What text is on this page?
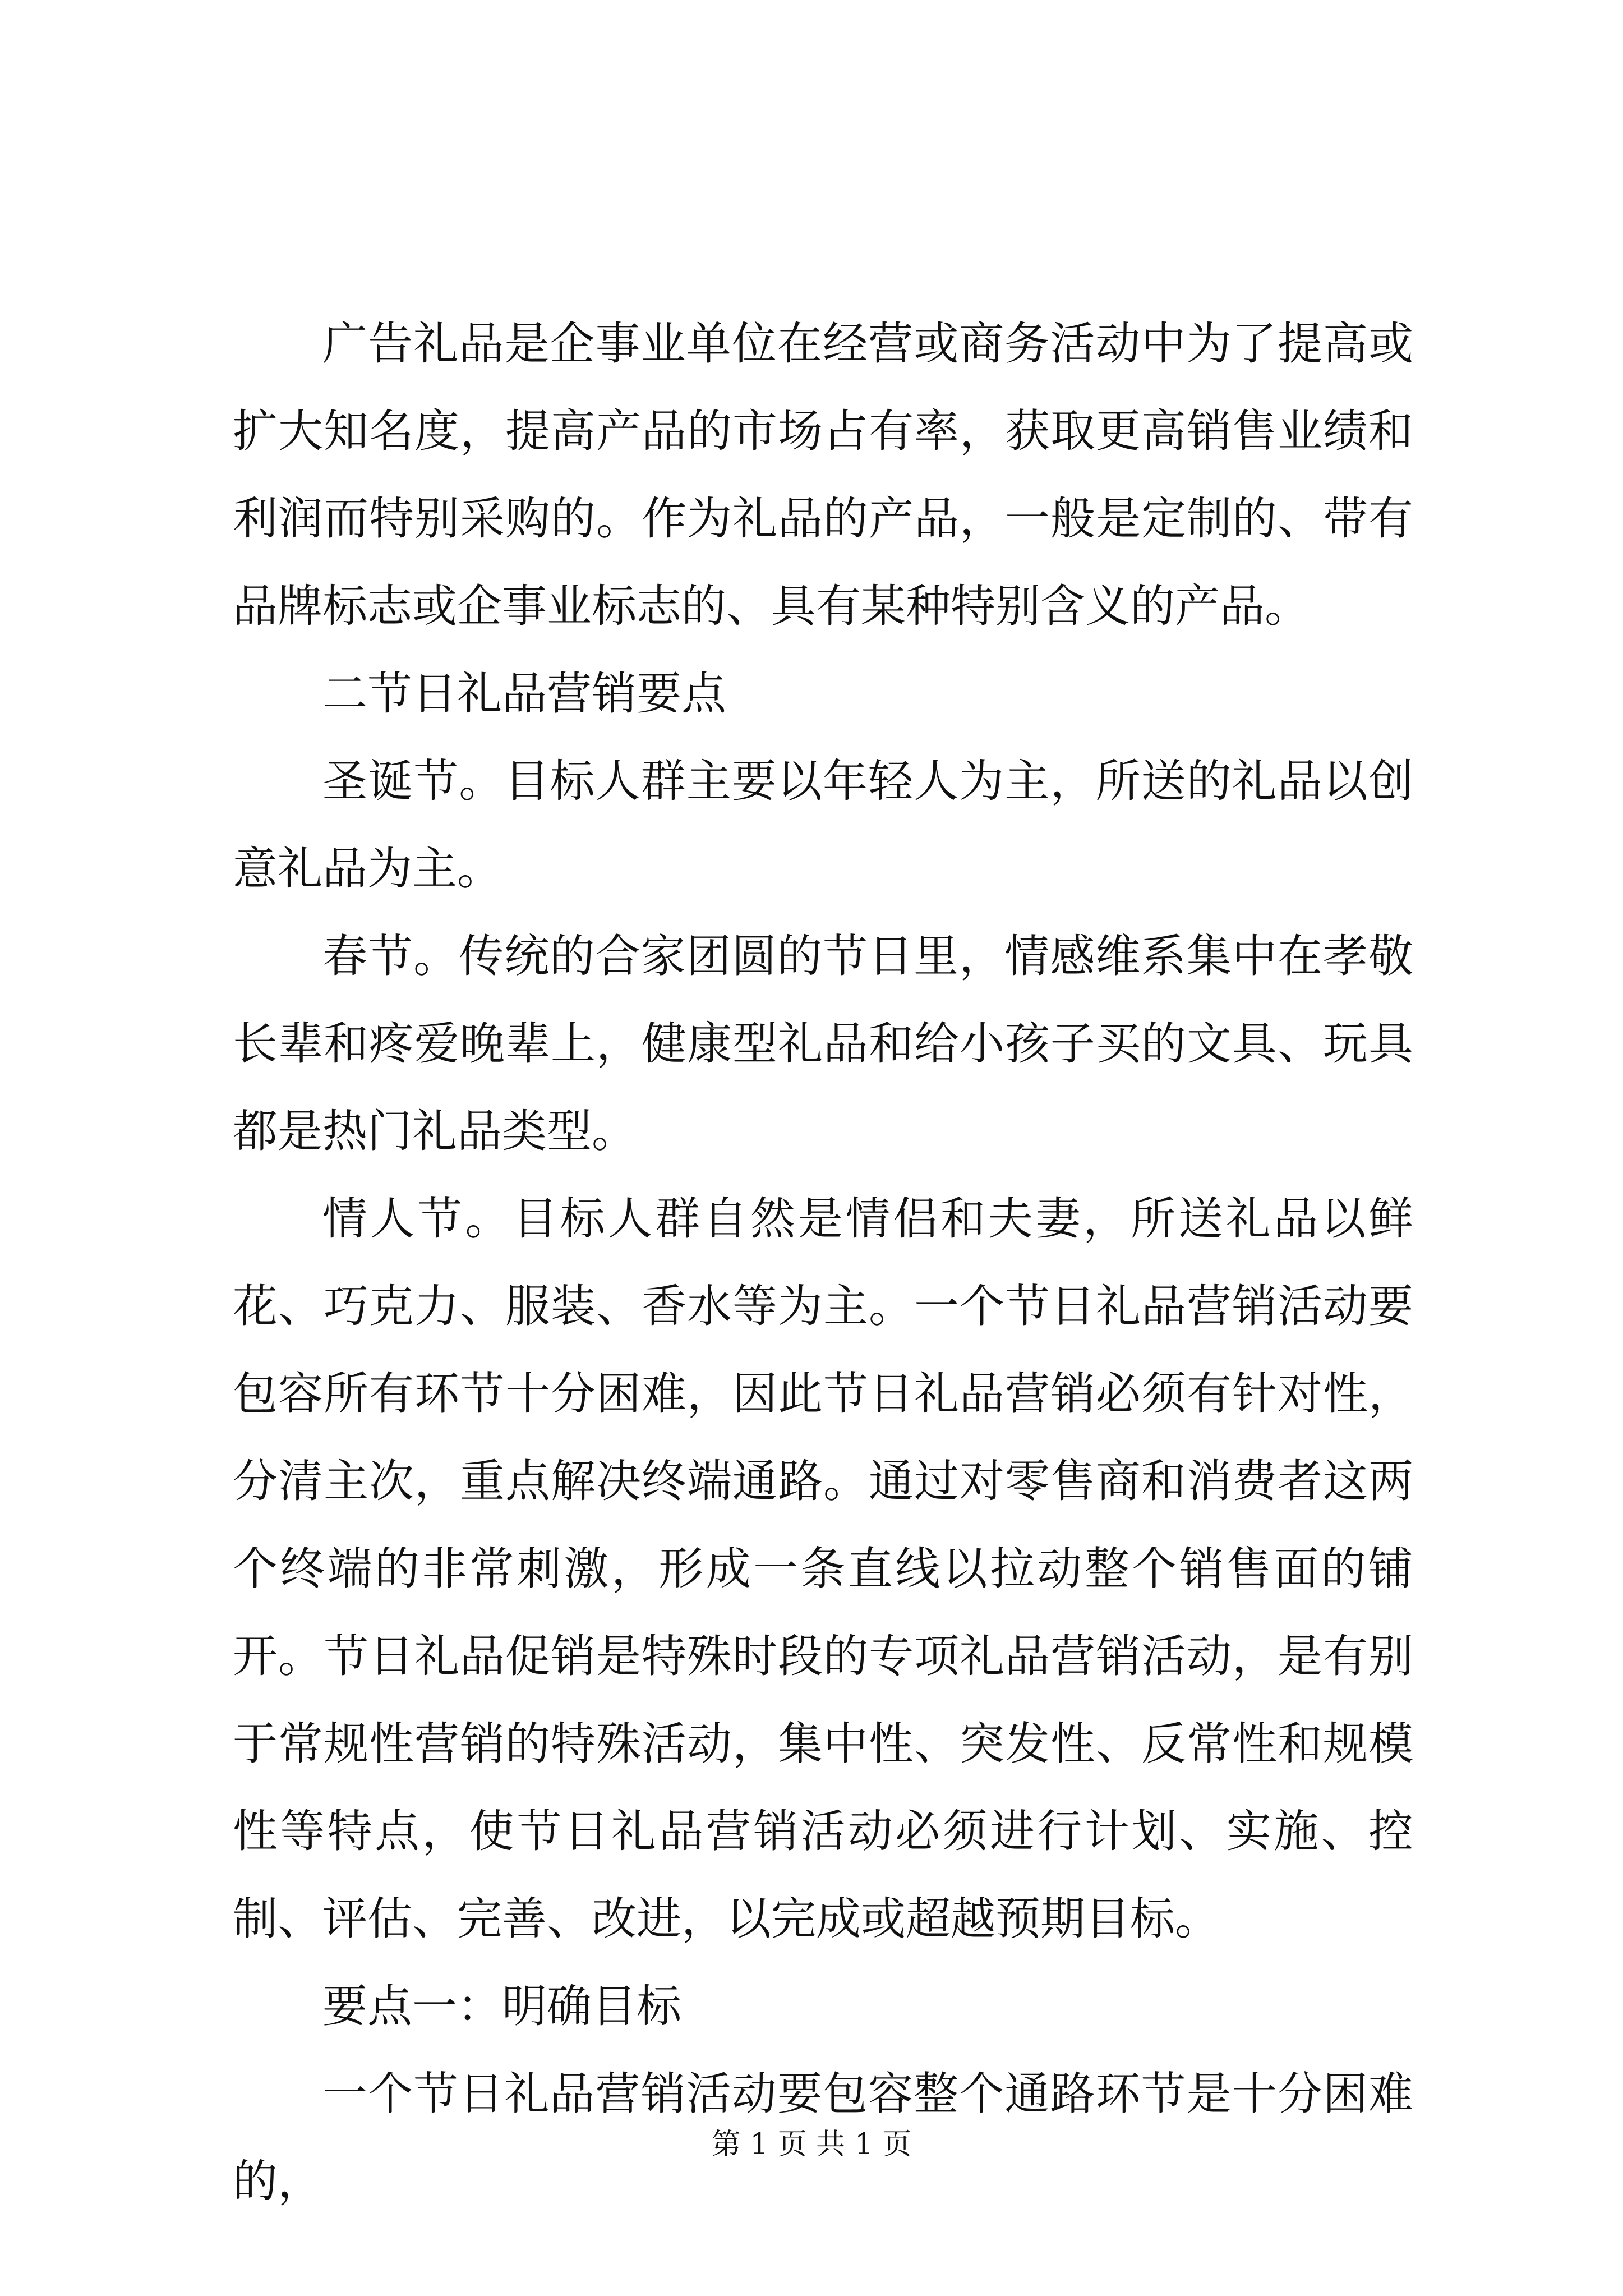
广告礼品是企事业单位在经营或商务活动中为了提高或扩大知名度，提高产品的市场占有率，获取更高销售业绩和利润而特别采购的。作为礼品的产品，一般是定制的、带有品牌标志或企事业标志的、具有某种特别含义的产品。

二节日礼品营销要点

圣诞节。目标人群主要以年轻人为主，所送的礼品以创意礼品为主。

春节。传统的合家团圆的节日里，情感维系集中在孝敬长辈和疼爱晚辈上，健康型礼品和给小孩子买的文具、玩具都是热门礼品类型。

情人节。目标人群自然是情侣和夫妻，所送礼品以鲜花、巧克力、服装、香水等为主。一个节日礼品营销活动要包容所有环节十分困难，因此节日礼品营销必须有针对性，分清主次，重点解决终端通路。通过对零售商和消费者这两个终端的非常刺激，形成一条直线以拉动整个销售面的铺开。节日礼品促销是特殊时段的专项礼品营销活动，是有别于常规性营销的特殊活动，集中性、突发性、反常性和规模性等特点，使节日礼品营销活动必须进行计划、实施、控制、评估、完善、改进，以完成或超越预期目标。

要点一：明确目标

一个节日礼品营销活动要包容整个通路环节是十分困难的，

第 1 页 共 1 页
